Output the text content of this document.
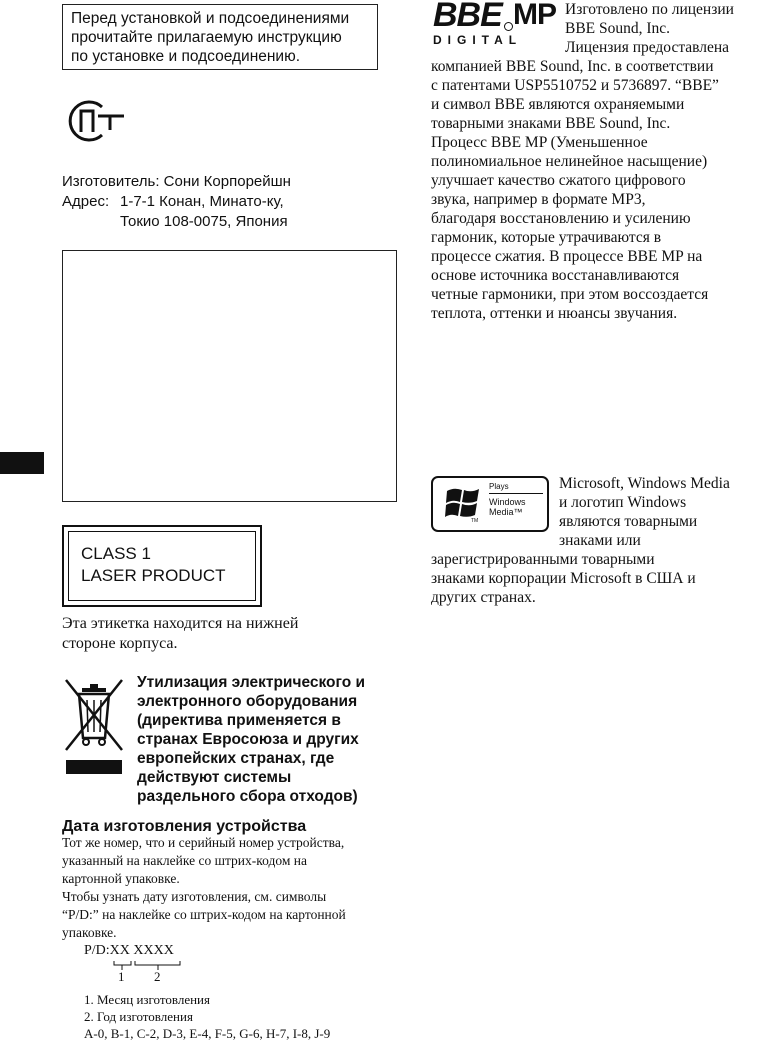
Перед установкой и подсоединениями
прочитайте прилагаемую инструкцию
по установке и подсоединению.
Изготовитель:
Сони Корпорейшн
Адрес: 1-7-1 Конан, Минато-ку,
Токио 108-0075, Япония
CLASS 1
LASER PRODUCT
Эта этикетка находится на нижней
стороне корпуса.
Утилизация электрического и
электронного оборудования
(директива применяется в
странах Евросоюза и других
европейских странах, где
действуют системы
раздельного сбора отходов)
Дата изготовления устройства
Тот же номер, что и серийный номер устройства,
указанный на наклейке со штрих-кодом на
картонной упаковке.
Чтобы узнать дату изготовления, см. символы
“P/D:” на наклейке со штрих-кодом на картонной
упаковке.
P/D:XX XXXX
1 2
1. Месяц изготовления
2. Год изготовления
A-0, B-1, C-2, D-3, E-4, F-5, G-6, H-7, I-8, J-9
BBE MP
DIGITAL
Изготовлено по лицензии
BBE Sound, Inc.
Лицензия предоставлена
компанией BBE Sound, Inc. в соответствии
с патентами USP5510752 и 5736897. “BBE”
и символ BBE являются охраняемыми
товарными знаками BBE Sound, Inc.
Процесс BBE MP (Уменьшенное
полиномиальное нелинейное насыщение)
улучшает качество сжатого цифрового
звука, например в формате MP3,
благодаря восстановлению и усилению
гармоник, которые утрачиваются в
процессе сжатия. В процессе BBE MP на
основе источника восстанавливаются
четные гармоники, при этом воссоздается
теплота, оттенки и нюансы звучания.
TM
Plays
Windows
Media™
Microsoft, Windows Media
и логотип Windows
являются товарными
знаками или
зарегистрированными товарными
знаками корпорации Microsoft в США и
других странах.
